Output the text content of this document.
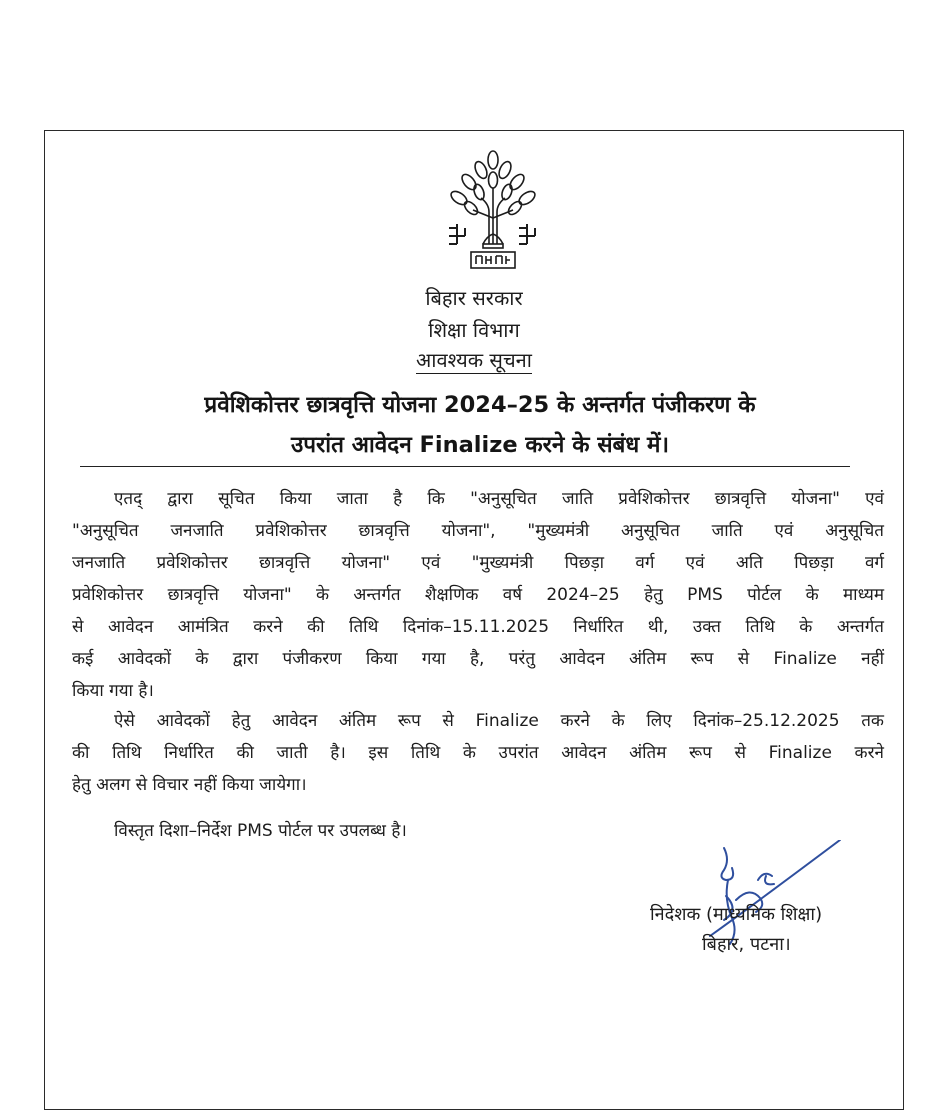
बिहार सरकार
शिक्षा विभाग
आवश्यक सूचना
प्रवेशिकोत्तर छात्रवृत्ति योजना 2024–25 के अन्तर्गत पंजीकरण के
उपरांत आवेदन Finalize करने के संबंध में।
एतद् द्वारा सूचित किया जाता है कि "अनुसूचित जाति प्रवेशिकोत्तर छात्रवृत्ति योजना" एवं
"अनुसूचित जनजाति प्रवेशिकोत्तर छात्रवृत्ति योजना", "मुख्यमंत्री अनुसूचित जाति एवं अनुसूचित
जनजाति प्रवेशिकोत्तर छात्रवृत्ति योजना" एवं "मुख्यमंत्री पिछड़ा वर्ग एवं अति पिछड़ा वर्ग
प्रवेशिकोत्तर छात्रवृत्ति योजना" के अन्तर्गत शैक्षणिक वर्ष 2024–25 हेतु PMS पोर्टल के माध्यम
से आवेदन आमंत्रित करने की तिथि दिनांक–15.11.2025 निर्धारित थी, उक्त तिथि के अन्तर्गत
कई आवेदकों के द्वारा पंजीकरण किया गया है, परंतु आवेदन अंतिम रूप से Finalize नहीं
किया गया है।
ऐसे आवेदकों हेतु आवेदन अंतिम रूप से Finalize करने के लिए दिनांक–25.12.2025 तक
की तिथि निर्धारित की जाती है। इस तिथि के उपरांत आवेदन अंतिम रूप से Finalize करने
हेतु अलग से विचार नहीं किया जायेगा।
विस्तृत दिशा–निर्देश PMS पोर्टल पर उपलब्ध है।
निदेशक (माध्यमिक शिक्षा)
बिहार, पटना।
